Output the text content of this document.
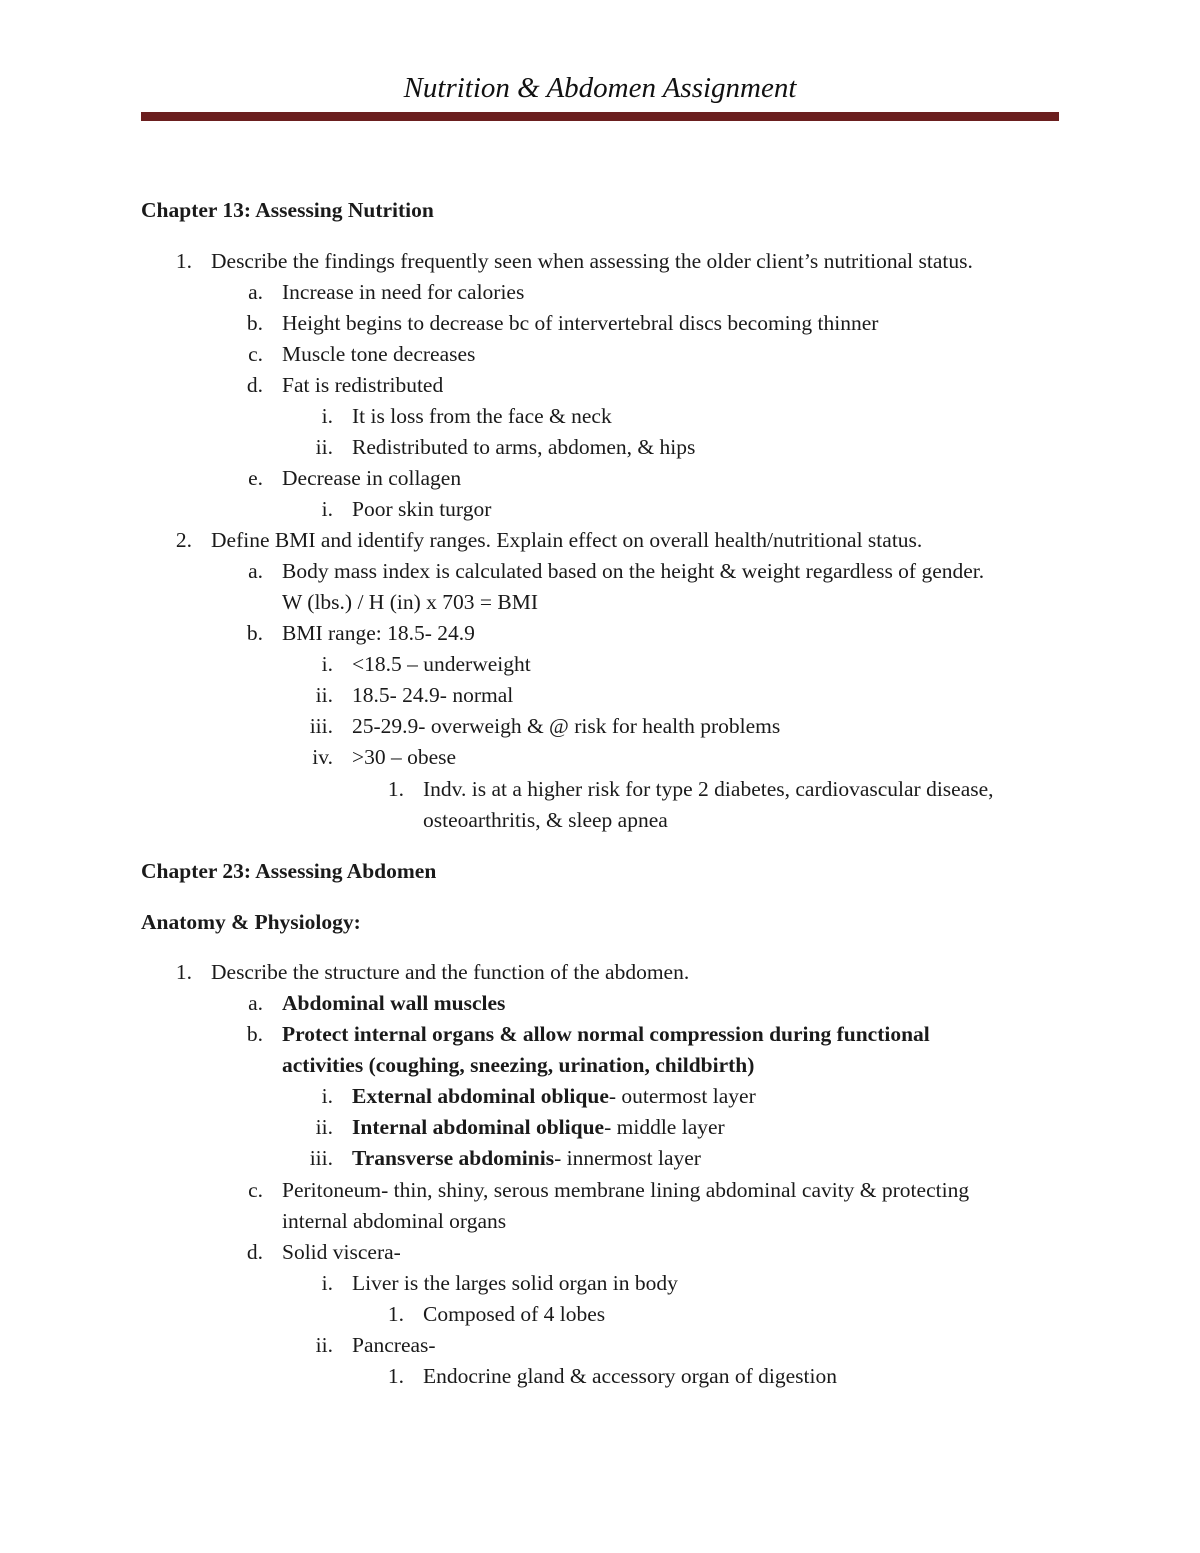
Nutrition & Abdomen Assignment
Chapter 13: Assessing Nutrition
1. Describe the findings frequently seen when assessing the older client’s nutritional status.
a. Increase in need for calories
b. Height begins to decrease bc of intervertebral discs becoming thinner
c. Muscle tone decreases
d. Fat is redistributed
i. It is loss from the face & neck
ii. Redistributed to arms, abdomen, & hips
e. Decrease in collagen
i. Poor skin turgor
2. Define BMI and identify ranges. Explain effect on overall health/nutritional status.
a. Body mass index is calculated based on the height & weight regardless of gender.
W (lbs.) / H (in) x 703 = BMI
b. BMI range: 18.5- 24.9
i. <18.5 – underweight
ii. 18.5- 24.9- normal
iii. 25-29.9- overweigh & @ risk for health problems
iv. >30 – obese
1. Indv. is at a higher risk for type 2 diabetes, cardiovascular disease,
osteoarthritis, & sleep apnea
Chapter 23: Assessing Abdomen
Anatomy & Physiology:
1. Describe the structure and the function of the abdomen.
a. Abdominal wall muscles
b. Protect internal organs & allow normal compression during functional
activities (coughing, sneezing, urination, childbirth)
i. External abdominal oblique- outermost layer
ii. Internal abdominal oblique- middle layer
iii. Transverse abdominis- innermost layer
c. Peritoneum- thin, shiny, serous membrane lining abdominal cavity & protecting
internal abdominal organs
d. Solid viscera-
i. Liver is the larges solid organ in body
1. Composed of 4 lobes
ii. Pancreas-
1. Endocrine gland & accessory organ of digestion
